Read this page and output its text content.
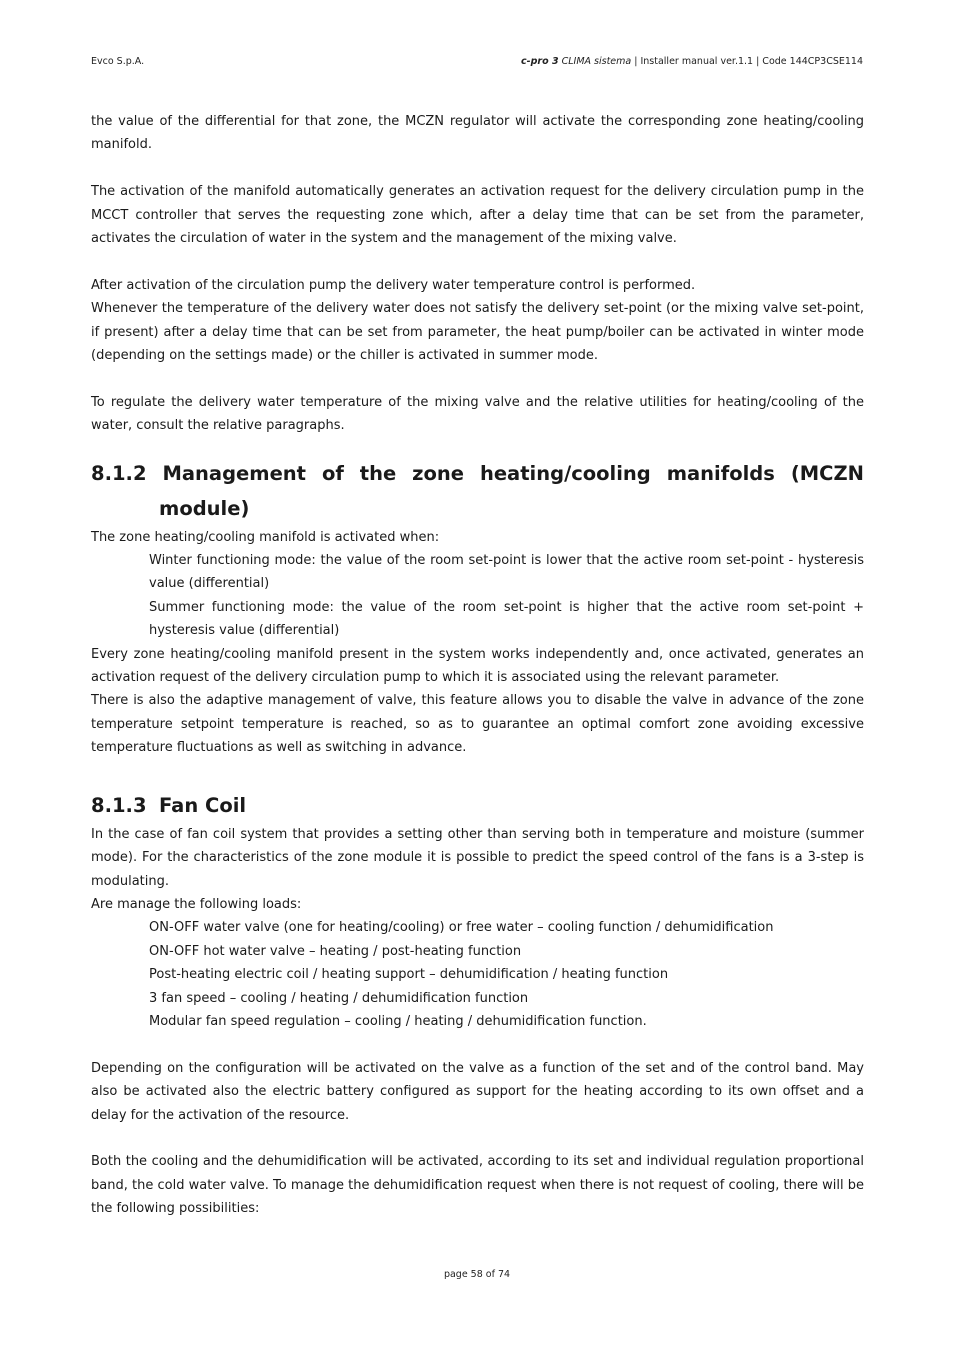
Evco S.p.A.	c-pro 3 CLIMA sistema | Installer manual ver.1.1 | Code 144CP3CSE114

the value of the differential for that zone, the MCZN regulator will activate the corresponding zone heating/cooling manifold.

The activation of the manifold automatically generates an activation request for the delivery circulation pump in the MCCT controller that serves the requesting zone which, after a delay time that can be set from the parameter, activates the circulation of water in the system and the management of the mixing valve.

After activation of the circulation pump the delivery water temperature control is performed.

Whenever the temperature of the delivery water does not satisfy the delivery set-point (or the mixing valve set-point, if present) after a delay time that can be set from parameter, the heat pump/boiler can be activated in winter mode (depending on the settings made) or the chiller is activated in summer mode.

To regulate the delivery water temperature of the mixing valve and the relative utilities for heating/cooling of the water, consult the relative paragraphs.

8.1.2 Management of the zone heating/cooling manifolds (MCZN
module)

The zone heating/cooling manifold is activated when:

Winter functioning mode: the value of the room set-point is lower that the active room set-point - hysteresis value (differential)

Summer functioning mode: the value of the room set-point is higher that the active room set-point + hysteresis value (differential)

Every zone heating/cooling manifold present in the system works independently and, once activated, generates an activation request of the delivery circulation pump to which it is associated using the relevant parameter.

There is also the adaptive management of valve, this feature allows you to disable the valve in advance of the zone temperature setpoint temperature is reached, so as to guarantee an optimal comfort zone avoiding excessive temperature fluctuations as well as switching in advance.

8.1.3 Fan Coil

In the case of fan coil system that provides a setting other than serving both in temperature and moisture (summer mode). For the characteristics of the zone module it is possible to predict the speed control of the fans is a 3-step is modulating.

Are manage the following loads:

ON-OFF water valve (one for heating/cooling) or free water – cooling function / dehumidification

ON-OFF hot water valve – heating / post-heating function

Post-heating electric coil / heating support – dehumidification / heating function

3 fan speed – cooling / heating / dehumidification function

Modular fan speed regulation – cooling / heating / dehumidification function.

Depending on the configuration will be activated on the valve as a function of the set and of the control band. May also be activated also the electric battery configured as support for the heating according to its own offset and a delay for the activation of the resource.

Both the cooling and the dehumidification will be activated, according to its set and individual regulation proportional band, the cold water valve. To manage the dehumidification request when there is not request of cooling, there will be the following possibilities:

page 58 of 74
